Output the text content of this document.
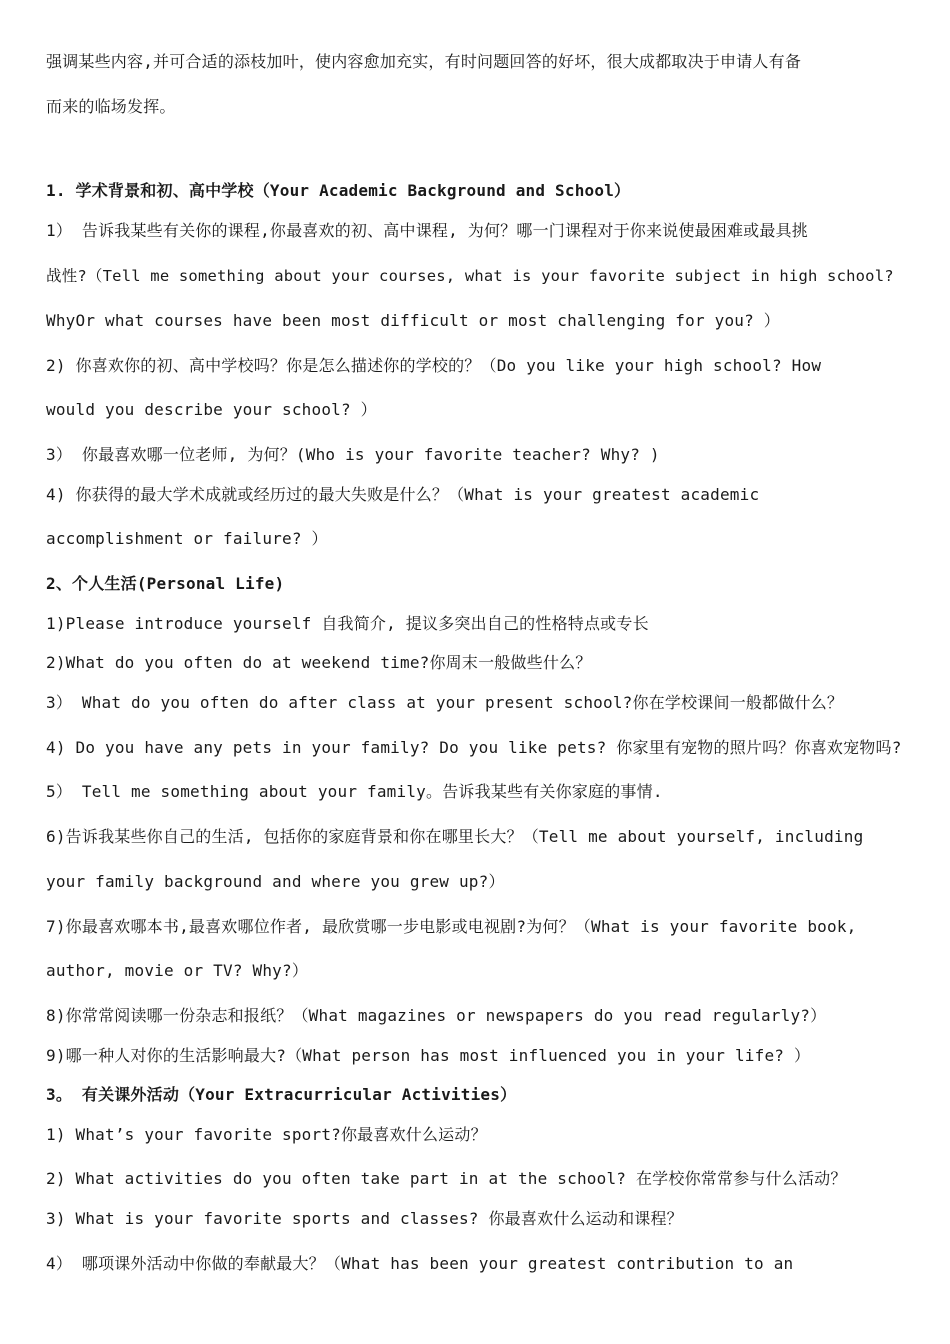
强调某些内容,并可合适的添枝加叶，使内容愈加充实，有时问题回答的好坏，很大成都取决于申请人有备
而来的临场发挥。
1. 学术背景和初、高中学校（Your Academic Background and School）
1） 告诉我某些有关你的课程,你最喜欢的初、高中课程, 为何？哪一门课程对于你来说使最困难或最具挑
战性?（Tell me something about your courses, what is your favorite subject in high school?
WhyOr what courses have been most difficult or most challenging for you? ）
2) 你喜欢你的初、高中学校吗？你是怎么描述你的学校的？（Do you like your high school? How
would you describe your school? ）
3） 你最喜欢哪一位老师, 为何？(Who is your favorite teacher? Why? )
4) 你获得的最大学术成就或经历过的最大失败是什么？（What is your greatest academic
accomplishment or failure? ）
2、个人生活(Personal Life)
1)Please introduce yourself 自我简介, 提议多突出自己的性格特点或专长
2)What do you often do at weekend time?你周末一般做些什么？
3） What do you often do after class at your present school?你在学校课间一般都做什么？
4) Do you have any pets in your family? Do you like pets? 你家里有宠物的照片吗？你喜欢宠物吗?
5） Tell me something about your family。告诉我某些有关你家庭的事情.
6)告诉我某些你自己的生活, 包括你的家庭背景和你在哪里长大？（Tell me about yourself, including
your family background and where you grew up?）
7)你最喜欢哪本书,最喜欢哪位作者, 最欣赏哪一步电影或电视剧?为何？（What is your favorite book,
author, movie or TV? Why?）
8)你常常阅读哪一份杂志和报纸？（What magazines or newspapers do you read regularly?）
9)哪一种人对你的生活影响最大?（What person has most influenced you in your life? ）
3。 有关课外活动（Your Extracurricular Activities）
1) What’s your favorite sport?你最喜欢什么运动？
2) What activities do you often take part in at the school? 在学校你常常参与什么活动？
3) What is your favorite sports and classes? 你最喜欢什么运动和课程？
4） 哪项课外活动中你做的奉献最大？（What has been your greatest contribution to an
